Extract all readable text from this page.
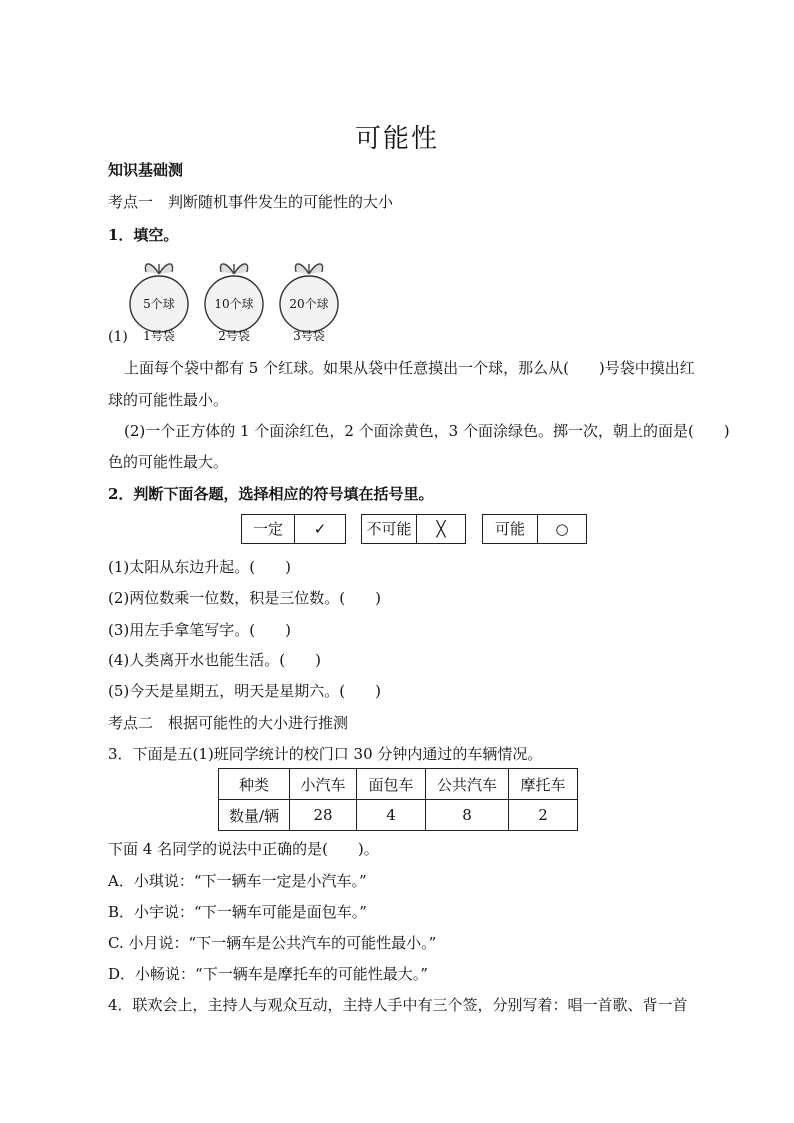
可能性
知识基础测
考点一　判断随机事件发生的可能性的大小
1．填空。
5个球
1号袋
10个球
2号袋
20个球
3号袋
(1)
上面每个袋中都有 5 个红球。如果从袋中任意摸出一个球，那么从(　　)号袋中摸出红
球的可能性最小。
(2)一个正方体的 1 个面涂红色，2 个面涂黄色，3 个面涂绿色。掷一次，朝上的面是(　　)
色的可能性最大。
2．判断下面各题，选择相应的符号填在括号里。
一定	✓	不可能	╳	可能	○
(1)太阳从东边升起。(　　)
(2)两位数乘一位数，积是三位数。(　　)
(3)用左手拿笔写字。(　　)
(4)人类离开水也能生活。(　　)
(5)今天是星期五，明天是星期六。(　　)
考点二　根据可能性的大小进行推测
3．下面是五(1)班同学统计的校门口 30 分钟内通过的车辆情况。
种类	小汽车	面包车	公共汽车	摩托车
数量/辆	28	4	8	2
下面 4 名同学的说法中正确的是(　　)。
A．小琪说：“下一辆车一定是小汽车。”
B．小宇说：“下一辆车可能是面包车。”
C. 小月说：“下一辆车是公共汽车的可能性最小。”
D．小畅说：“下一辆车是摩托车的可能性最大。”
4．联欢会上，主持人与观众互动，主持人手中有三个签，分别写着：唱一首歌、背一首
